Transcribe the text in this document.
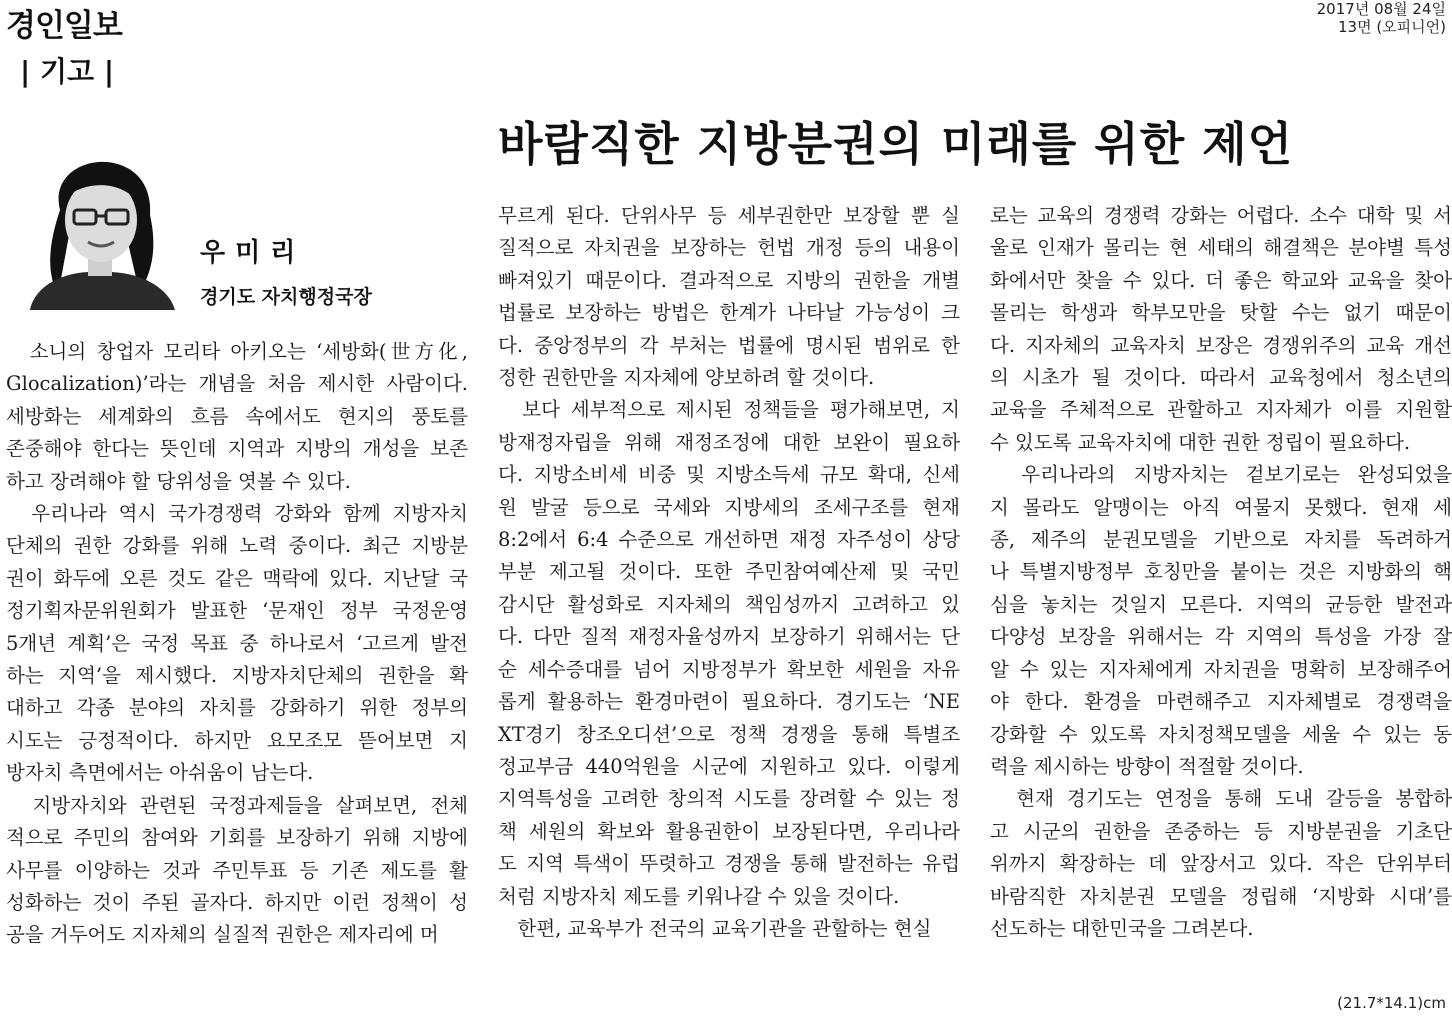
경인일보
| 기고 |
2017년 08월 24일
13면 (오피니언)
우미리
경기도 자치행정국장
바람직한 지방분권의 미래를 위한 제언
　소니의 창업자 모리타 아키오는 ‘세방화(世方化,
Glocalization)’라는 개념을 처음 제시한 사람이다.
세방화는 세계화의 흐름 속에서도 현지의 풍토를
존중해야 한다는 뜻인데 지역과 지방의 개성을 보존
하고 장려해야 할 당위성을 엿볼 수 있다.
　우리나라 역시 국가경쟁력 강화와 함께 지방자치
단체의 권한 강화를 위해 노력 중이다. 최근 지방분
권이 화두에 오른 것도 같은 맥락에 있다. 지난달 국
정기획자문위원회가 발표한 ‘문재인 정부 국정운영
5개년 계획’은 국정 목표 중 하나로서 ‘고르게 발전
하는 지역’을 제시했다. 지방자치단체의 권한을 확
대하고 각종 분야의 자치를 강화하기 위한 정부의
시도는 긍정적이다. 하지만 요모조모 뜯어보면 지
방자치 측면에서는 아쉬움이 남는다.
　지방자치와 관련된 국정과제들을 살펴보면, 전체
적으로 주민의 참여와 기회를 보장하기 위해 지방에
사무를 이양하는 것과 주민투표 등 기존 제도를 활
성화하는 것이 주된 골자다. 하지만 이런 정책이 성
공을 거두어도 지자체의 실질적 권한은 제자리에 머
무르게 된다. 단위사무 등 세부권한만 보장할 뿐 실
질적으로 자치권을 보장하는 헌법 개정 등의 내용이
빠져있기 때문이다. 결과적으로 지방의 권한을 개별
법률로 보장하는 방법은 한계가 나타날 가능성이 크
다. 중앙정부의 각 부처는 법률에 명시된 범위로 한
정한 권한만을 지자체에 양보하려 할 것이다.
　보다 세부적으로 제시된 정책들을 평가해보면, 지
방재정자립을 위해 재정조정에 대한 보완이 필요하
다. 지방소비세 비중 및 지방소득세 규모 확대, 신세
원 발굴 등으로 국세와 지방세의 조세구조를 현재
8:2에서 6:4 수준으로 개선하면 재정 자주성이 상당
부분 제고될 것이다. 또한 주민참여예산제 및 국민
감시단 활성화로 지자체의 책임성까지 고려하고 있
다. 다만 질적 재정자율성까지 보장하기 위해서는 단
순 세수증대를 넘어 지방정부가 확보한 세원을 자유
롭게 활용하는 환경마련이 필요하다. 경기도는 ‘NE
XT경기 창조오디션’으로 정책 경쟁을 통해 특별조
정교부금 440억원을 시군에 지원하고 있다. 이렇게
지역특성을 고려한 창의적 시도를 장려할 수 있는 정
책 세원의 확보와 활용권한이 보장된다면, 우리나라
도 지역 특색이 뚜렷하고 경쟁을 통해 발전하는 유럽
처럼 지방자치 제도를 키워나갈 수 있을 것이다.
　한편, 교육부가 전국의 교육기관을 관할하는 현실
로는 교육의 경쟁력 강화는 어렵다. 소수 대학 및 서
울로 인재가 몰리는 현 세태의 해결책은 분야별 특성
화에서만 찾을 수 있다. 더 좋은 학교와 교육을 찾아
몰리는 학생과 학부모만을 탓할 수는 없기 때문이
다. 지자체의 교육자치 보장은 경쟁위주의 교육 개선
의 시초가 될 것이다. 따라서 교육청에서 청소년의
교육을 주체적으로 관할하고 지자체가 이를 지원할
수 있도록 교육자치에 대한 권한 정립이 필요하다.
　우리나라의 지방자치는 겉보기로는 완성되었을
지 몰라도 알맹이는 아직 여물지 못했다. 현재 세
종, 제주의 분권모델을 기반으로 자치를 독려하거
나 특별지방정부 호칭만을 붙이는 것은 지방화의 핵
심을 놓치는 것일지 모른다. 지역의 균등한 발전과
다양성 보장을 위해서는 각 지역의 특성을 가장 잘
알 수 있는 지자체에게 자치권을 명확히 보장해주어
야 한다. 환경을 마련해주고 지자체별로 경쟁력을
강화할 수 있도록 자치정책모델을 세울 수 있는 동
력을 제시하는 방향이 적절할 것이다.
　현재 경기도는 연정을 통해 도내 갈등을 봉합하
고 시군의 권한을 존중하는 등 지방분권을 기초단
위까지 확장하는 데 앞장서고 있다. 작은 단위부터
바람직한 자치분권 모델을 정립해 ‘지방화 시대’를
선도하는 대한민국을 그려본다.
(21.7*14.1)cm
